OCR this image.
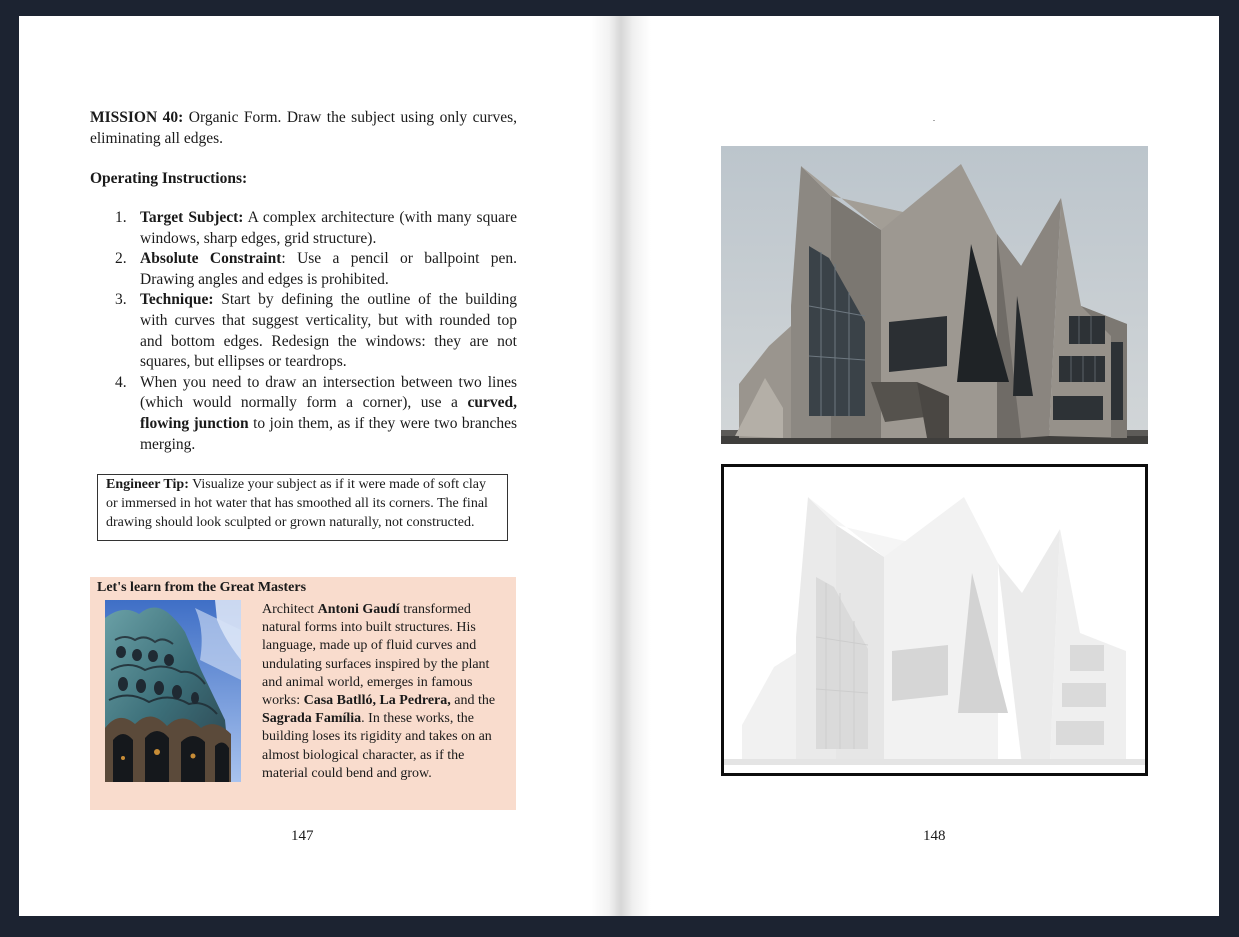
MISSION 40: Organic Form. Draw the subject using only curves, eliminating all edges.

Operating Instructions:

1. Target Subject: A complex architecture (with many square windows, sharp edges, grid structure).
2. Absolute Constraint: Use a pencil or ballpoint pen. Drawing angles and edges is prohibited.
3. Technique: Start by defining the outline of the building with curves that suggest verticality, but with rounded top and bottom edges. Redesign the windows: they are not squares, but ellipses or teardrops.
4. When you need to draw an intersection between two lines (which would normally form a corner), use a curved, flowing junction to join them, as if they were two branches merging.
Engineer Tip: Visualize your subject as if it were made of soft clay or immersed in hot water that has smoothed all its corners. The final drawing should look sculpted or grown naturally, not constructed.
Let's learn from the Great Masters
Architect Antoni Gaudí transformed natural forms into built structures. His language, made up of fluid curves and undulating surfaces inspired by the plant and animal world, emerges in famous works: Casa Batlló, La Pedrera, and the Sagrada Família. In these works, the building loses its rigidity and takes on an almost biological character, as if the material could bend and grow.
147	148
